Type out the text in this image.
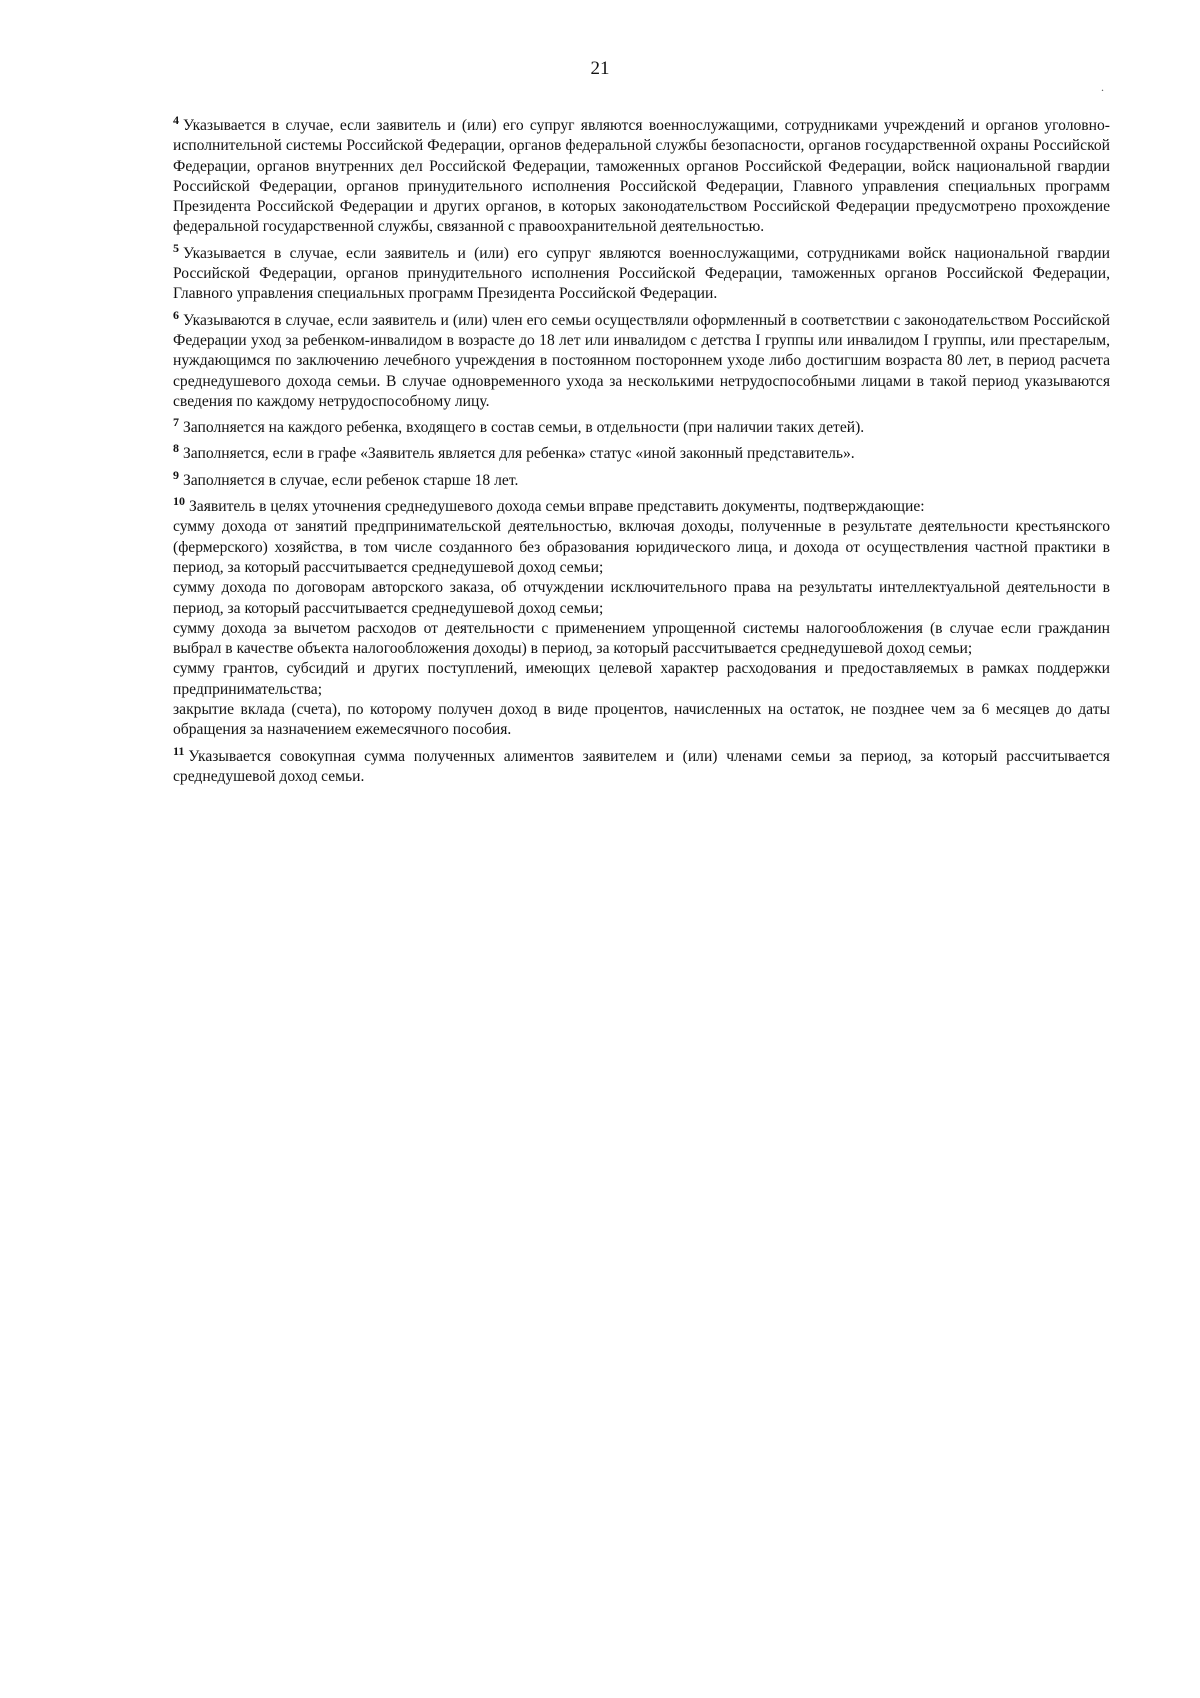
21
.

$^4$ Указывается в случае, если заявитель и (или) его супруг являются военнослужащими, сотрудниками учреждений и органов уголовно-исполнительной системы Российской Федерации, органов федеральной службы безопасности, органов государственной охраны Российской Федерации, органов внутренних дел Российской Федерации, таможенных органов Российской Федерации, войск национальной гвардии Российской Федерации, органов принудительного исполнения Российской Федерации, Главного управления специальных программ Президента Российской Федерации и других органов, в которых законодательством Российской Федерации предусмотрено прохождение федеральной государственной службы, связанной с правоохранительной деятельностью.

$^5$ Указывается в случае, если заявитель и (или) его супруг являются военнослужащими, сотрудниками войск национальной гвардии Российской Федерации, органов принудительного исполнения Российской Федерации, таможенных органов Российской Федерации, Главного управления специальных программ Президента Российской Федерации.

$^6$ Указываются в случае, если заявитель и (или) член его семьи осуществляли оформленный в соответствии с законодательством Российской Федерации уход за ребенком-инвалидом в возрасте до 18 лет или инвалидом с детства I группы или инвалидом I группы, или престарелым, нуждающимся по заключению лечебного учреждения в постоянном постороннем уходе либо достигшим возраста 80 лет, в период расчета среднедушевого дохода семьи. В случае одновременного ухода за несколькими нетрудоспособными лицами в такой период указываются сведения по каждому нетрудоспособному лицу.

$^7$ Заполняется на каждого ребенка, входящего в состав семьи, в отдельности (при наличии таких детей).

$^8$ Заполняется, если в графе «Заявитель является для ребенка» статус «иной законный представитель».

$^9$ Заполняется в случае, если ребенок старше 18 лет.

$^{10}$ Заявитель в целях уточнения среднедушевого дохода семьи вправе представить документы, подтверждающие:

сумму дохода от занятий предпринимательской деятельностью, включая доходы, полученные в результате деятельности крестьянского (фермерского) хозяйства, в том числе созданного без образования юридического лица, и дохода от осуществления частной практики в период, за который рассчитывается среднедушевой доход семьи;

сумму дохода по договорам авторского заказа, об отчуждении исключительного права на результаты интеллектуальной деятельности в период, за который рассчитывается среднедушевой доход семьи;

сумму дохода за вычетом расходов от деятельности с применением упрощенной системы налогообложения (в случае если гражданин выбрал в качестве объекта налогообложения доходы) в период, за который рассчитывается среднедушевой доход семьи;

сумму грантов, субсидий и других поступлений, имеющих целевой характер расходования и предоставляемых в рамках поддержки предпринимательства;

закрытие вклада (счета), по которому получен доход в виде процентов, начисленных на остаток, не позднее чем за 6 месяцев до даты обращения за назначением ежемесячного пособия.

$^{11}$ Указывается совокупная сумма полученных алиментов заявителем и (или) членами семьи за период, за который рассчитывается среднедушевой доход семьи.
